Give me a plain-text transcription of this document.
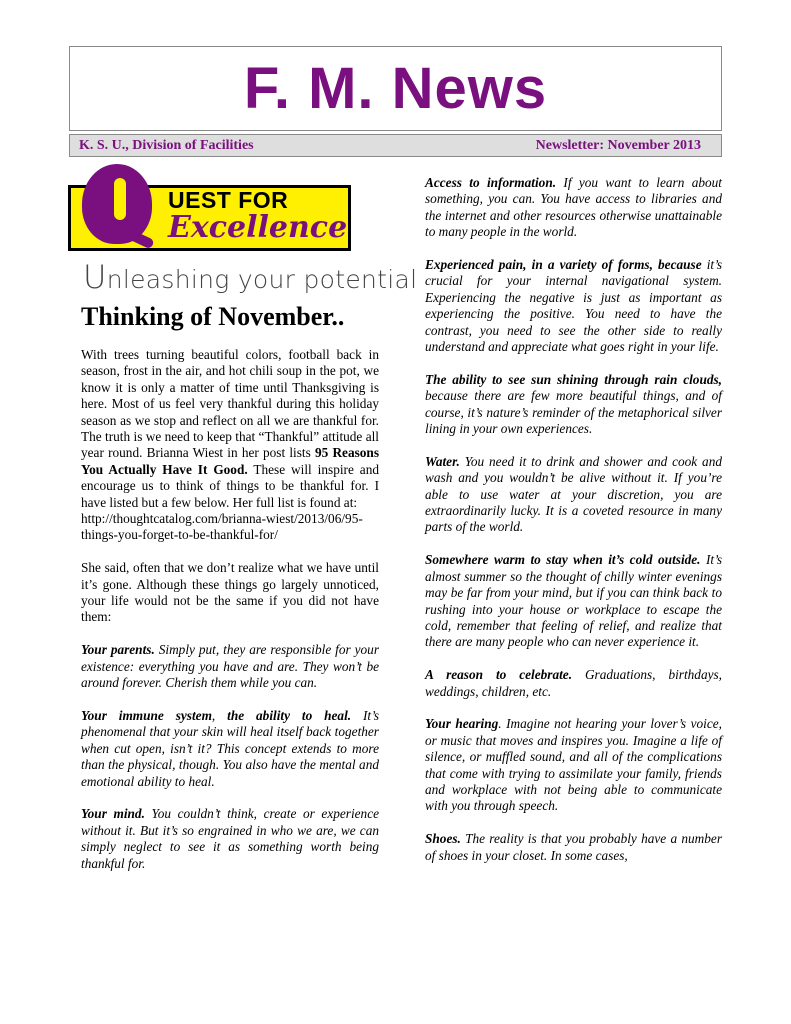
F. M. News
K. S. U., Division of Facilities	Newsletter: November 2013
UEST FOR
Excellence
Unleashing your potential
Thinking of November..

With trees turning beautiful colors, football back in season, frost in the air, and hot chili soup in the pot, we know it is only a matter of time until Thanksgiving is here. Most of us feel very thankful during this holiday season as we stop and reflect on all we are thankful for. The truth is we need to keep that “Thankful” attitude all year round. Brianna Wiest in her post lists 95 Reasons You Actually Have It Good. These will inspire and encourage us to think of things to be thankful for. I have listed but a few below. Her full list is found at:
http://thoughtcatalog.com/brianna-wiest/2013/06/95-things-you-forget-to-be-thankful-for/

She said, often that we don’t realize what we have until it’s gone. Although these things go largely unnoticed, your life would not be the same if you did not have them:

Your parents. Simply put, they are responsible for your existence: everything you have and are. They won’t be around forever. Cherish them while you can.

Your immune system, the ability to heal. It’s phenomenal that your skin will heal itself back together when cut open, isn’t it? This concept extends to more than the physical, though. You also have the mental and emotional ability to heal.

Your mind. You couldn’t think, create or experience without it. But it’s so engrained in who we are, we can simply neglect to see it as something worth being thankful for.

Access to information. If you want to learn about something, you can. You have access to libraries and the internet and other resources otherwise unattainable to many people in the world.

Experienced pain, in a variety of forms, because it’s crucial for your internal navigational system. Experiencing the negative is just as important as experiencing the positive. You need to have the contrast, you need to see the other side to really understand and appreciate what goes right in your life.

The ability to see sun shining through rain clouds, because there are few more beautiful things, and of course, it’s nature’s reminder of the metaphorical silver lining in your own experiences.

Water. You need it to drink and shower and cook and wash and you wouldn’t be alive without it. If you’re able to use water at your discretion, you are extraordinarily lucky. It is a coveted resource in many parts of the world.

Somewhere warm to stay when it’s cold outside. It’s almost summer so the thought of chilly winter evenings may be far from your mind, but if you can think back to rushing into your house or workplace to escape the cold, remember that feeling of relief, and realize that there are many people who can never experience it.

A reason to celebrate. Graduations, birthdays, weddings, children, etc.

Your hearing. Imagine not hearing your lover’s voice, or music that moves and inspires you. Imagine a life of silence, or muffled sound, and all of the complications that come with trying to assimilate your family, friends and workplace with not being able to communicate with you through speech.

Shoes. The reality is that you probably have a number of shoes in your closet. In some cases,
